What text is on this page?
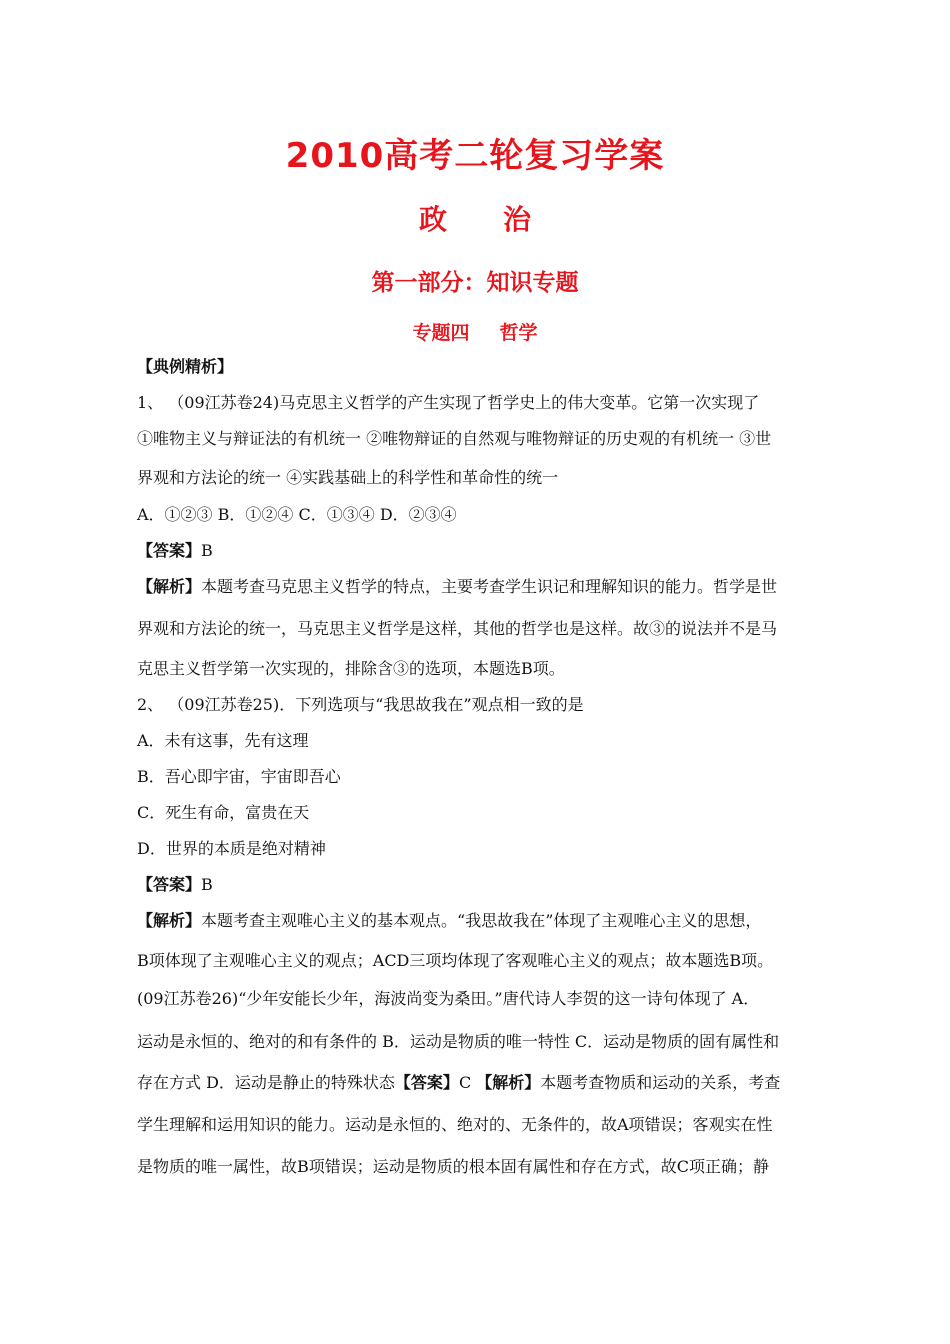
2010高考二轮复习学案
政 治
第一部分：知识专题
专题四 哲学
【典例精析】
1、 （09江苏卷24)马克思主义哲学的产生实现了哲学史上的伟大变革。它第一次实现了
①唯物主义与辩证法的有机统一 ②唯物辩证的自然观与唯物辩证的历史观的有机统一 ③世
界观和方法论的统一 ④实践基础上的科学性和革命性的统一
A．①②③ B．①②④ C．①③④ D．②③④
【答案】B
【解析】本题考查马克思主义哲学的特点，主要考查学生识记和理解知识的能力。哲学是世
界观和方法论的统一，马克思主义哲学是这样，其他的哲学也是这样。故③的说法并不是马
克思主义哲学第一次实现的，排除含③的选项，本题选B项。
2、 （09江苏卷25)．下列选项与“我思故我在”观点相一致的是
A．未有这事，先有这理
B．吾心即宇宙，宇宙即吾心
C．死生有命，富贵在天
D．世界的本质是绝对精神
【答案】B
【解析】本题考查主观唯心主义的基本观点。“我思故我在”体现了主观唯心主义的思想，
B项体现了主观唯心主义的观点；ACD三项均体现了客观唯心主义的观点；故本题选B项。
(09江苏卷26)“少年安能长少年，海波尚变为桑田。”唐代诗人李贺的这一诗句体现了 A．
运动是永恒的、绝对的和有条件的 B．运动是物质的唯一特性 C．运动是物质的固有属性和
存在方式 D．运动是静止的特殊状态【答案】C 【解析】本题考查物质和运动的关系，考查
学生理解和运用知识的能力。运动是永恒的、绝对的、无条件的，故A项错误；客观实在性
是物质的唯一属性，故B项错误；运动是物质的根本固有属性和存在方式，故C项正确；静
